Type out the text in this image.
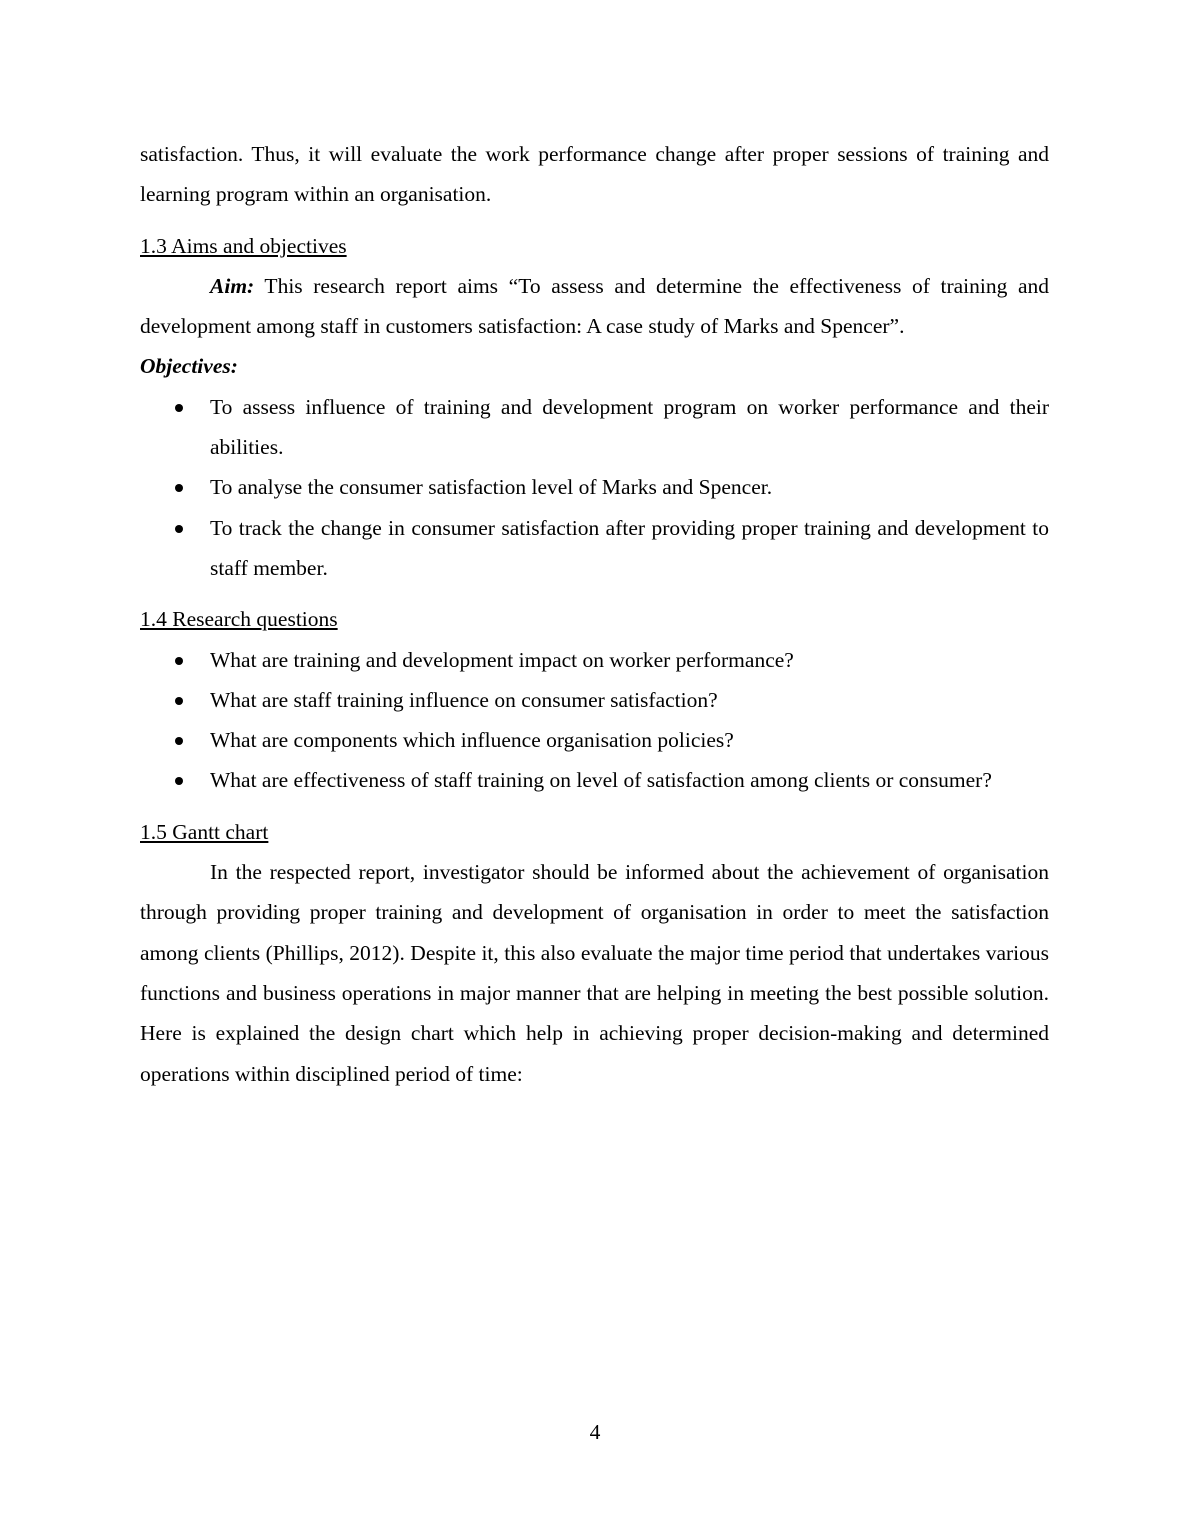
satisfaction. Thus, it will evaluate the work performance change after proper sessions of training and learning program within an organisation.

1.3 Aims and objectives

Aim: This research report aims “To assess and determine the effectiveness of training and development among staff in customers satisfaction: A case study of Marks and Spencer”.

Objectives:

To assess influence of training and development program on worker performance and their abilities.
To analyse the consumer satisfaction level of Marks and Spencer.
To track the change in consumer satisfaction after providing proper training and development to staff member.
1.4 Research questions
What are training and development impact on worker performance?
What are staff training influence on consumer satisfaction?
What are components which influence organisation policies?
What are effectiveness of staff training on level of satisfaction among clients or consumer?
1.5 Gantt chart

In the respected report, investigator should be informed about the achievement of organisation through providing proper training and development of organisation in order to meet the satisfaction among clients (Phillips, 2012). Despite it, this also evaluate the major time period that undertakes various functions and business operations in major manner that are helping in meeting the best possible solution. Here is explained the design chart which help in achieving proper decision-making and determined operations within disciplined period of time:

4
